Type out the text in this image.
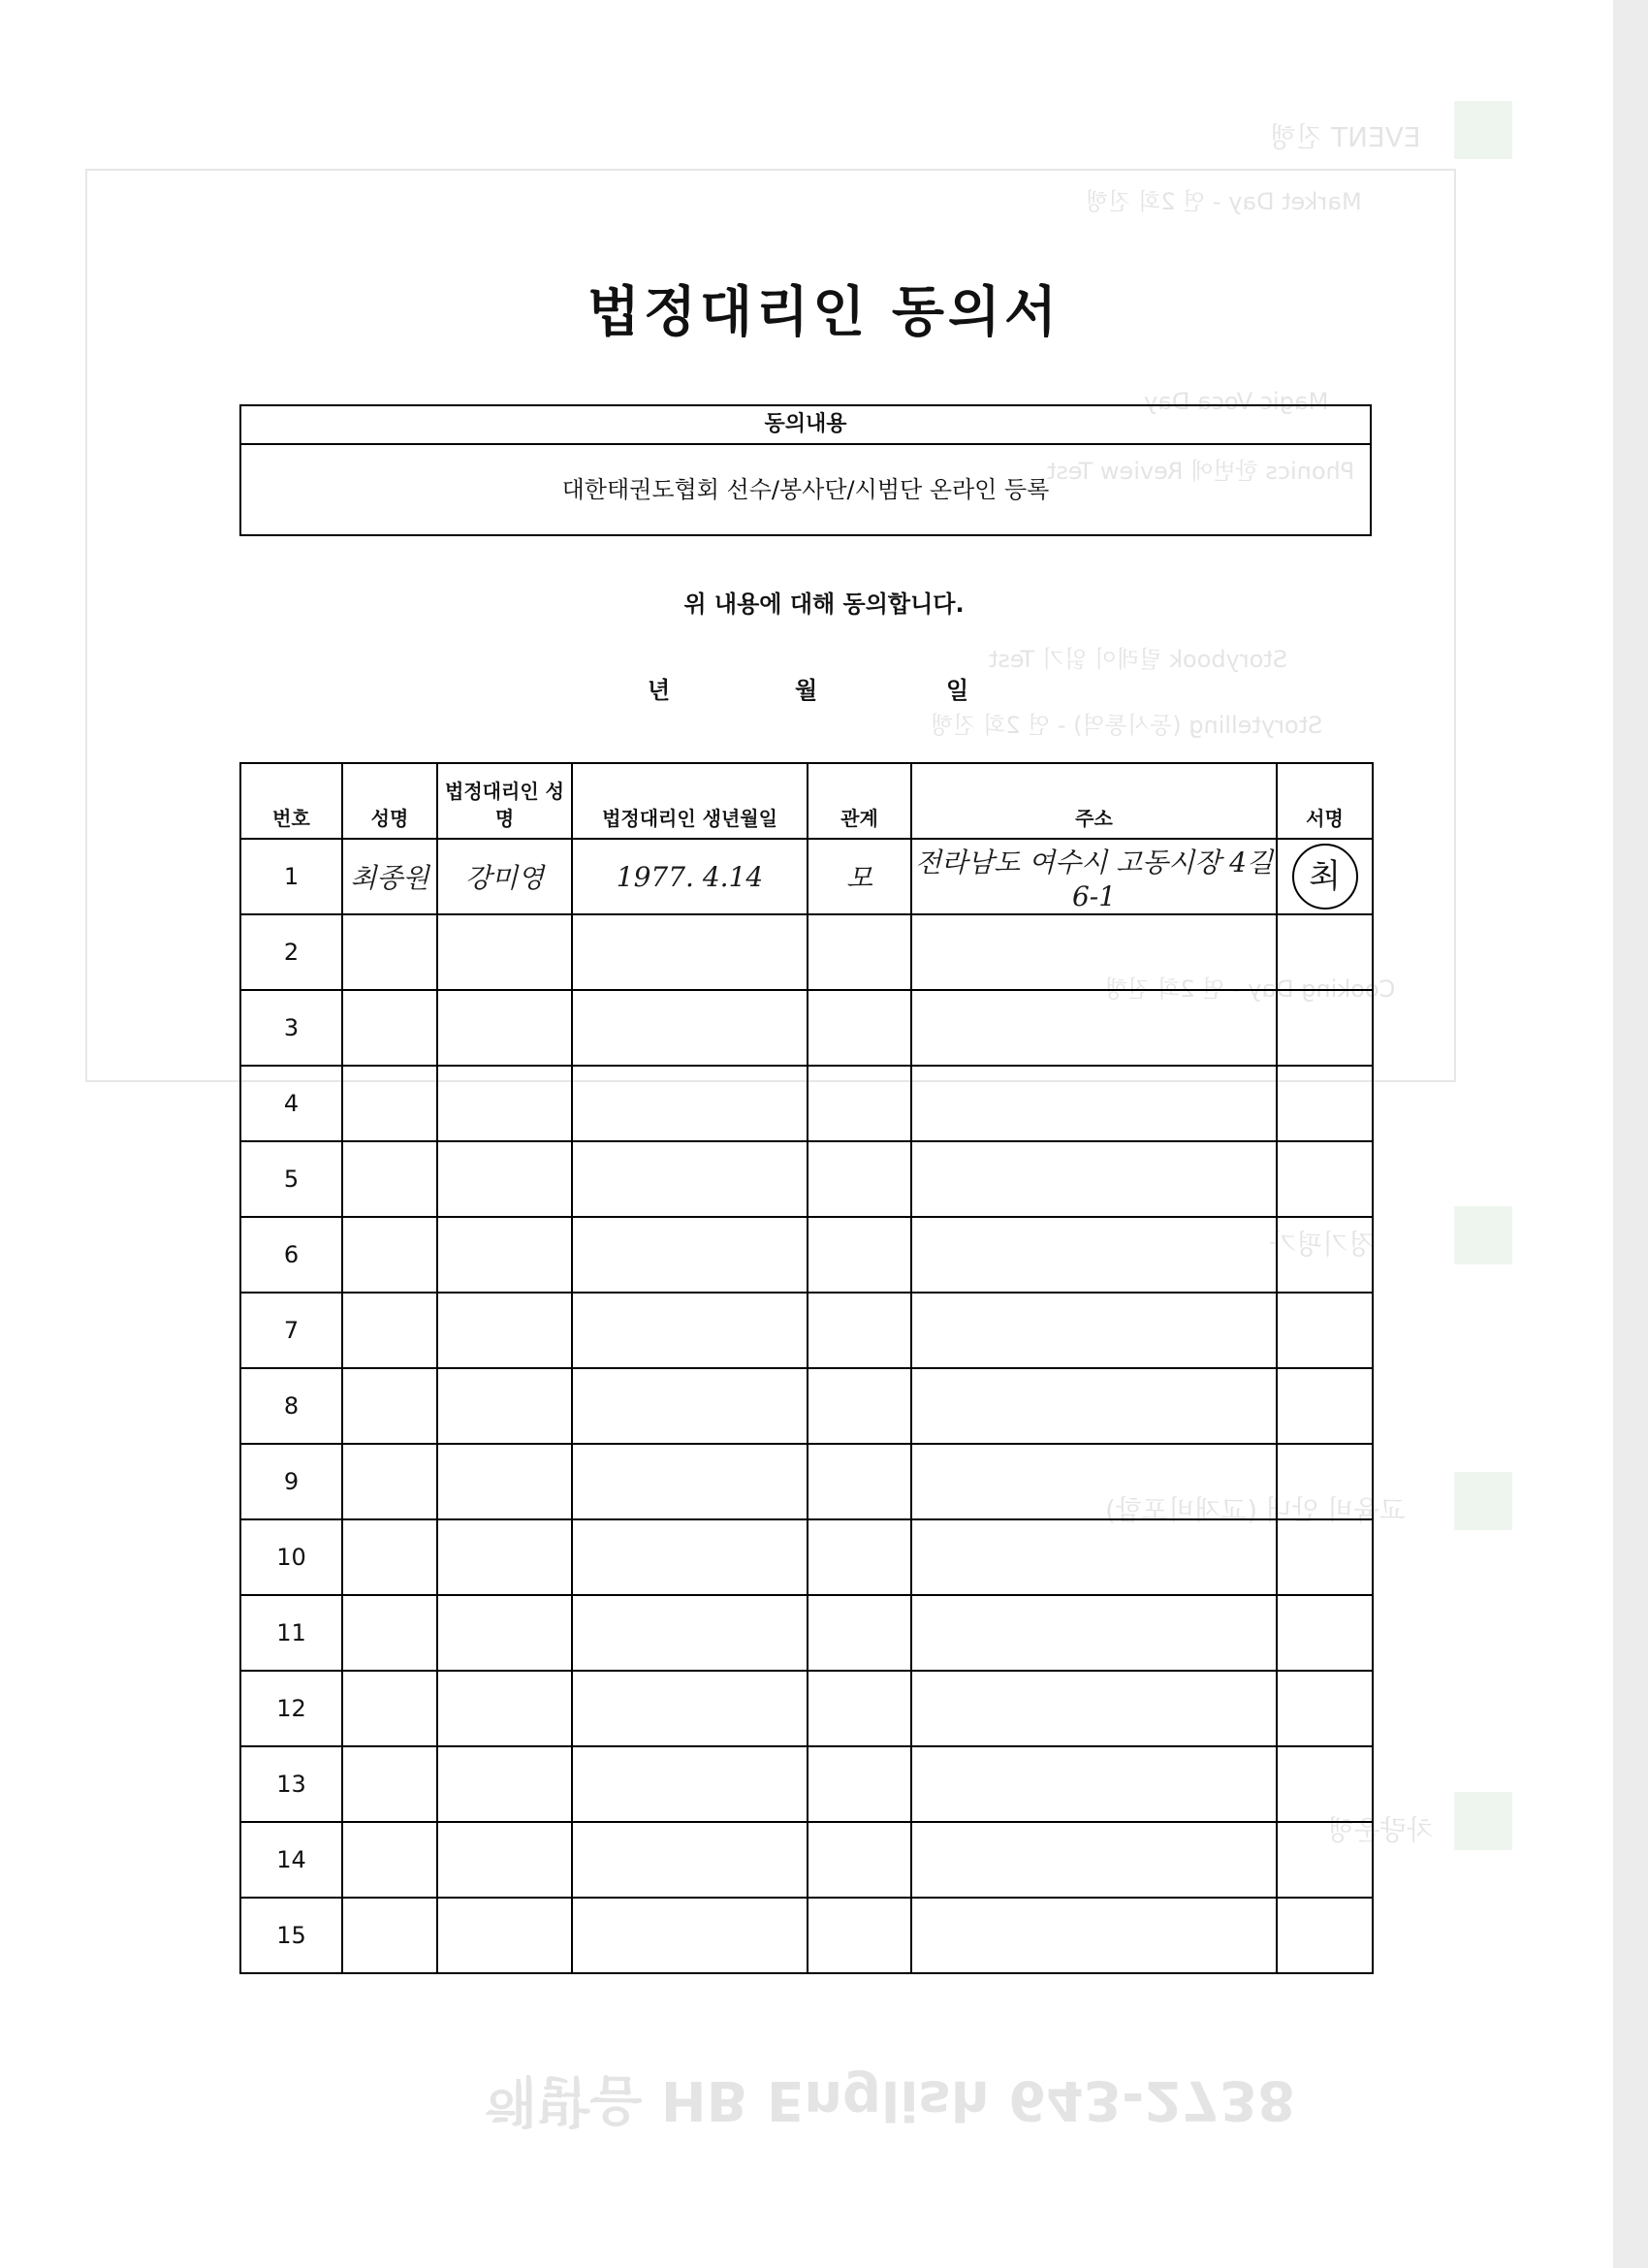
EVENT 진행
Market Day - 연 2회 진행
Magic Voca Day
Phonics 한번에 Review Test
Storybook 릴레이 읽기 Test
Storytelling (동시통역) - 연 2회 진행
Cooking Day - 연 2회 진행
정기평가
교육비 안내 (교재비포함)
차량운행
해밝음 HB English 643-2738
법정대리인 동의서
동의내용
대한태권도협회 선수/봉사단/시범단 온라인 등록
위 내용에 대해 동의합니다.
년	월	일
번호	성명	법정대리인 성명	법정대리인 생년월일	관계	주소	서명
1	최종원	강미영	1977. 4.14	모	전라남도 여수시 고동시장 4길 6-1	최
2						
3						
4						
5						
6						
7						
8						
9						
10						
11						
12						
13						
14						
15						
